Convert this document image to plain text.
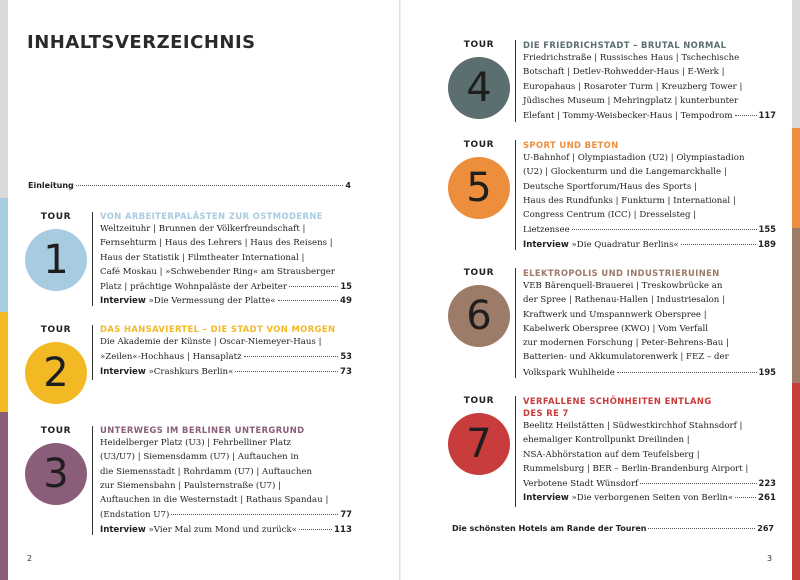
INHALTSVERZEICHNIS
Einleitung	4
TOUR
1
VON ARBEITERPALÄSTEN ZUR OSTMODERNE
Weltzeituhr | Brunnen der Völkerfreundschaft |
Fernsehturm | Haus des Lehrers | Haus des Reisens |
Haus der Statistik | Filmtheater International |
Café Moskau | »Schwebender Ring« am Strausberger
Platz | prächtige Wohnpaläste der Arbeiter	15
Interview »Die Vermessung der Platte«	49
TOUR
2
DAS HANSAVIERTEL – DIE STADT VON MORGEN
Die Akademie der Künste | Oscar-Niemeyer-Haus |
»Zeilen«-Hochhaus | Hansaplatz	53
Interview »Crashkurs Berlin«	73
TOUR
3
UNTERWEGS IM BERLINER UNTERGRUND
Heidelberger Platz (U3) | Fehrbelliner Platz
(U3/U7) | Siemensdamm (U7) | Auftauchen in
die Siemensstadt | Rohrdamm (U7) | Auftauchen
zur Siemensbahn | Paulsternstraße (U7) |
Auftauchen in die Westernstadt | Rathaus Spandau |
(Endstation U7)	77
Interview »Vier Mal zum Mond und zurück«	113
TOUR
4
DIE FRIEDRICHSTADT – BRUTAL NORMAL
Friedrichstraße | Russisches Haus | Tschechische
Botschaft | Detlev-Rohwedder-Haus | E-Werk |
Europahaus | Rosaroter Turm | Kreuzberg Tower |
Jüdisches Museum | Mehringplatz | kunterbunter
Elefant | Tommy-Weisbecker-Haus | Tempodrom	117
TOUR
5
SPORT UND BETON
U-Bahnhof | Olympiastadion (U2) | Olympiastadion
(U2) | Glockenturm und die Langemarckhalle |
Deutsche Sportforum/Haus des Sports |
Haus des Rundfunks | Funkturm | International |
Congress Centrum (ICC) | Dresselsteg |
Lietzensee	155
Interview »Die Quadratur Berlins«	189
TOUR
6
ELEKTROPOLIS UND INDUSTRIERUINEN
VEB Bärenquell-Brauerei | Treskowbrücke an
der Spree | Rathenau-Hallen | Industriesalon |
Kraftwerk und Umspannwerk Oberspree |
Kabelwerk Oberspree (KWO) | Vom Verfall
zur modernen Forschung | Peter-Behrens-Bau |
Batterien- und Akkumulatorenwerk | FEZ – der
Volkspark Wuhlheide	195
TOUR
7
VERFALLENE SCHÖNHEITEN ENTLANG
DES RE 7
Beelitz Heilstätten | Südwestkirchhof Stahnsdorf |
ehemaliger Kontrollpunkt Dreilinden |
NSA-Abhörstation auf dem Teufelsberg |
Rummelsburg | BER – Berlin-Brandenburg Airport |
Verbotene Stadt Wünsdorf	223
Interview »Die verborgenen Seiten von Berlin«	261
Die schönsten Hotels am Rande der Touren	267
2	3
